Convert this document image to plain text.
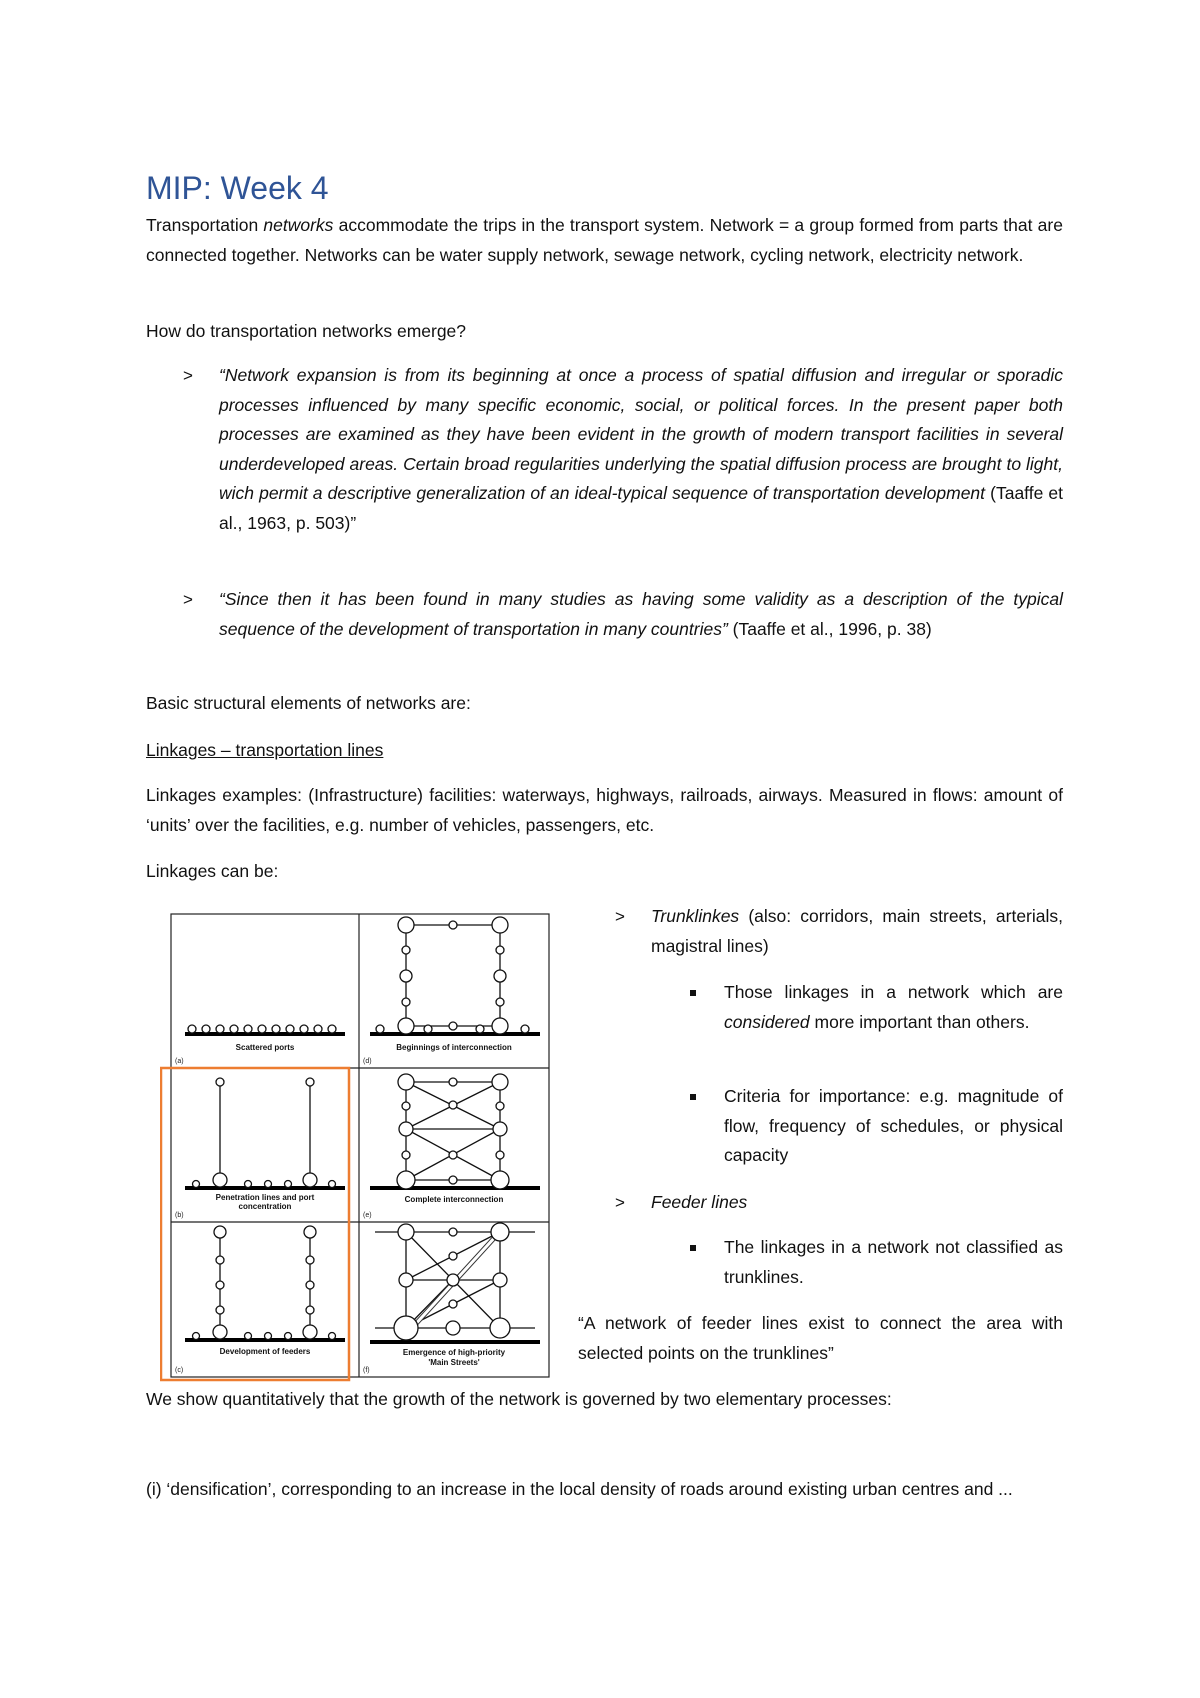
MIP: Week 4

Transportation networks accommodate the trips in the transport system. Network = a group formed from parts that are connected together. Networks can be water supply network, sewage network, cycling network, electricity network.

How do transportation networks emerge?

> “Network expansion is from its beginning at once a process of spatial diffusion and irregular or sporadic processes influenced by many specific economic, social, or political forces. In the present paper both processes are examined as they have been evident in the growth of modern transport facilities in several underdeveloped areas. Certain broad regularities underlying the spatial diffusion process are brought to light, wich permit a descriptive generalization of an ideal-typical sequence of transportation development (Taaffe et al., 1963, p. 503)”

> “Since then it has been found in many studies as having some validity as a description of the typical sequence of the development of transportation in many countries” (Taaffe et al., 1996, p. 38)

Basic structural elements of networks are:

Linkages – transportation lines

Linkages examples: (Infrastructure) facilities: waterways, highways, railroads, airways. Measured in flows: amount of ‘units’ over the facilities, e.g. number of vehicles, passengers, etc.

Linkages can be:

Scattered ports	Beginnings of interconnection
Penetration lines and port
concentration
Complete interconnection
Development of feeders	Emergence of high-priority
'Main Streets'
(a)	(d)
(b)	(e)
(c)	(f)
> Trunklinkes (also: corridors, main streets, arterials, magistral lines)

Those linkages in a network which are considered more important than others.

Criteria for importance: e.g. magnitude of flow, frequency of schedules, or physical capacity

> Feeder lines

The linkages in a network not classified as trunklines.

“A network of feeder lines exist to connect the area with selected points on the trunklines”

We show quantitatively that the growth of the network is governed by two elementary processes:

(i) ‘densification’, corresponding to an increase in the local density of roads around existing urban centres and ...
